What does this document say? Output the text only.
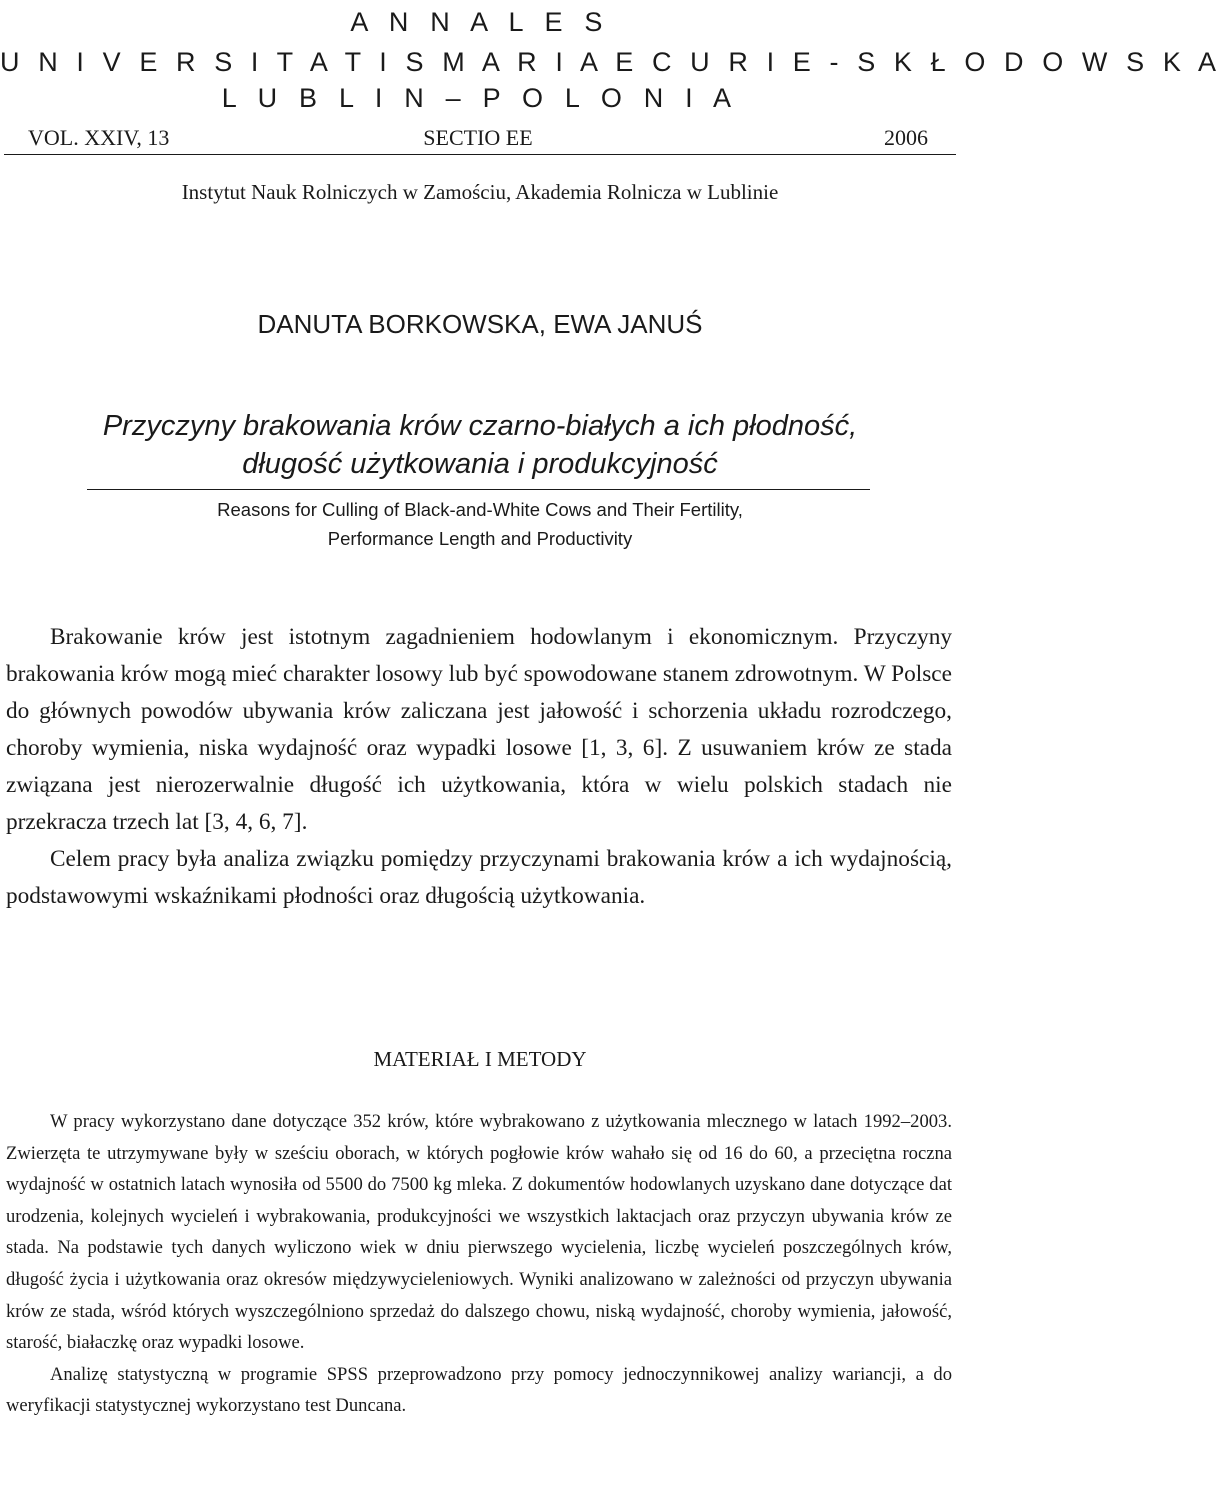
A N N A L E S
U N I V E R S I T A T I S M A R I A E C U R I E - S K Ł O D O W S K A
L U B L I N – P O L O N I A
VOL. XXIV, 13	SECTIO EE	2006
Instytut Nauk Rolniczych w Zamościu, Akademia Rolnicza w Lublinie
DANUTA BORKOWSKA, EWA JANUŚ
Przyczyny brakowania krów czarno-białych a ich płodność,
długość użytkowania i produkcyjność
Reasons for Culling of Black-and-White Cows and Their Fertility,
Performance Length and Productivity

Brakowanie krów jest istotnym zagadnieniem hodowlanym i ekonomicznym. Przyczyny brakowania krów mogą mieć charakter losowy lub być spowodowane stanem zdrowotnym. W Polsce do głównych powodów ubywania krów zaliczana jest jałowość i schorzenia układu rozrodczego, choroby wymienia, niska wydajność oraz wypadki losowe [1, 3, 6]. Z usuwaniem krów ze stada związana jest nierozerwalnie długość ich użytkowania, która w wielu polskich stadach nie przekracza trzech lat [3, 4, 6, 7].

Celem pracy była analiza związku pomiędzy przyczynami brakowania krów a ich wydajnością, podstawowymi wskaźnikami płodności oraz długością użytkowania.

MATERIAŁ I METODY

W pracy wykorzystano dane dotyczące 352 krów, które wybrakowano z użytkowania mlecznego w latach 1992–2003. Zwierzęta te utrzymywane były w sześciu oborach, w których pogłowie krów wahało się od 16 do 60, a przeciętna roczna wydajność w ostatnich latach wynosiła od 5500 do 7500 kg mleka. Z dokumentów hodowlanych uzyskano dane dotyczące dat urodzenia, kolejnych wycieleń i wybrakowania, produkcyjności we wszystkich laktacjach oraz przyczyn ubywania krów ze stada. Na podstawie tych danych wyliczono wiek w dniu pierwszego wycielenia, liczbę wycieleń poszczególnych krów, długość życia i użytkowania oraz okresów międzywycieleniowych. Wyniki analizowano w zależności od przyczyn ubywania krów ze stada, wśród których wyszczególniono sprzedaż do dalszego chowu, niską wydajność, choroby wymienia, jałowość, starość, białaczkę oraz wypadki losowe.

Analizę statystyczną w programie SPSS przeprowadzono przy pomocy jednoczynnikowej analizy wariancji, a do weryfikacji statystycznej wykorzystano test Duncana.
